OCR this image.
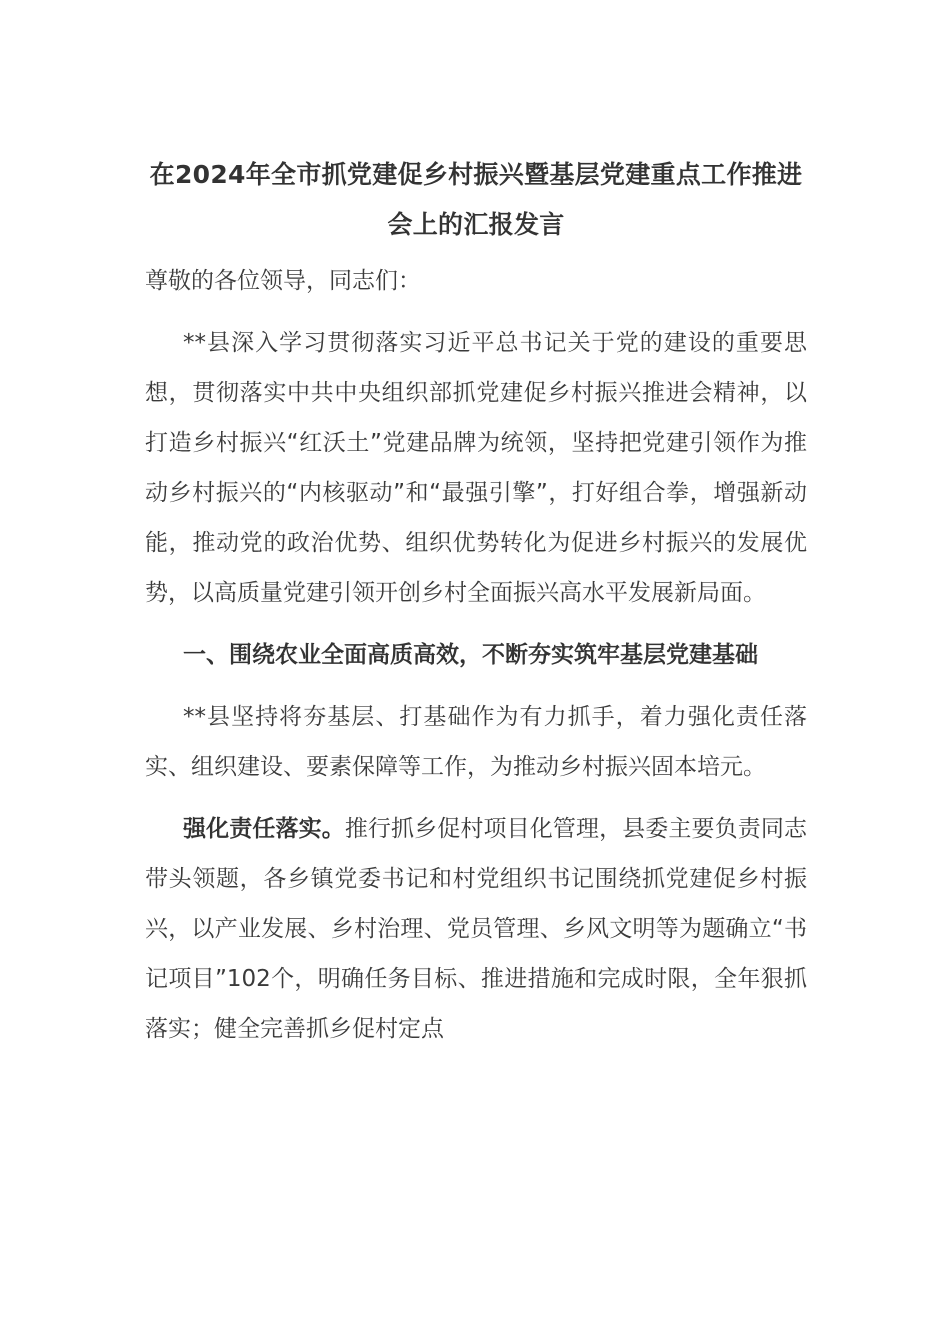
在2024年全市抓党建促乡村振兴暨基层党建重点工作推进会上的汇报发言

尊敬的各位领导，同志们：

**县深入学习贯彻落实习近平总书记关于党的建设的重要思想，贯彻落实中共中央组织部抓党建促乡村振兴推进会精神，以打造乡村振兴“红沃土”党建品牌为统领，坚持把党建引领作为推动乡村振兴的“内核驱动”和“最强引擎”，打好组合拳，增强新动能，推动党的政治优势、组织优势转化为促进乡村振兴的发展优势，以高质量党建引领开创乡村全面振兴高水平发展新局面。

一、围绕农业全面高质高效，不断夯实筑牢基层党建基础

**县坚持将夯基层、打基础作为有力抓手，着力强化责任落实、组织建设、要素保障等工作，为推动乡村振兴固本培元。

强化责任落实。推行抓乡促村项目化管理，县委主要负责同志带头领题，各乡镇党委书记和村党组织书记围绕抓党建促乡村振兴，以产业发展、乡村治理、党员管理、乡风文明等为题确立“书记项目”102个，明确任务目标、推进措施和完成时限，全年狠抓落实；健全完善抓乡促村定点
